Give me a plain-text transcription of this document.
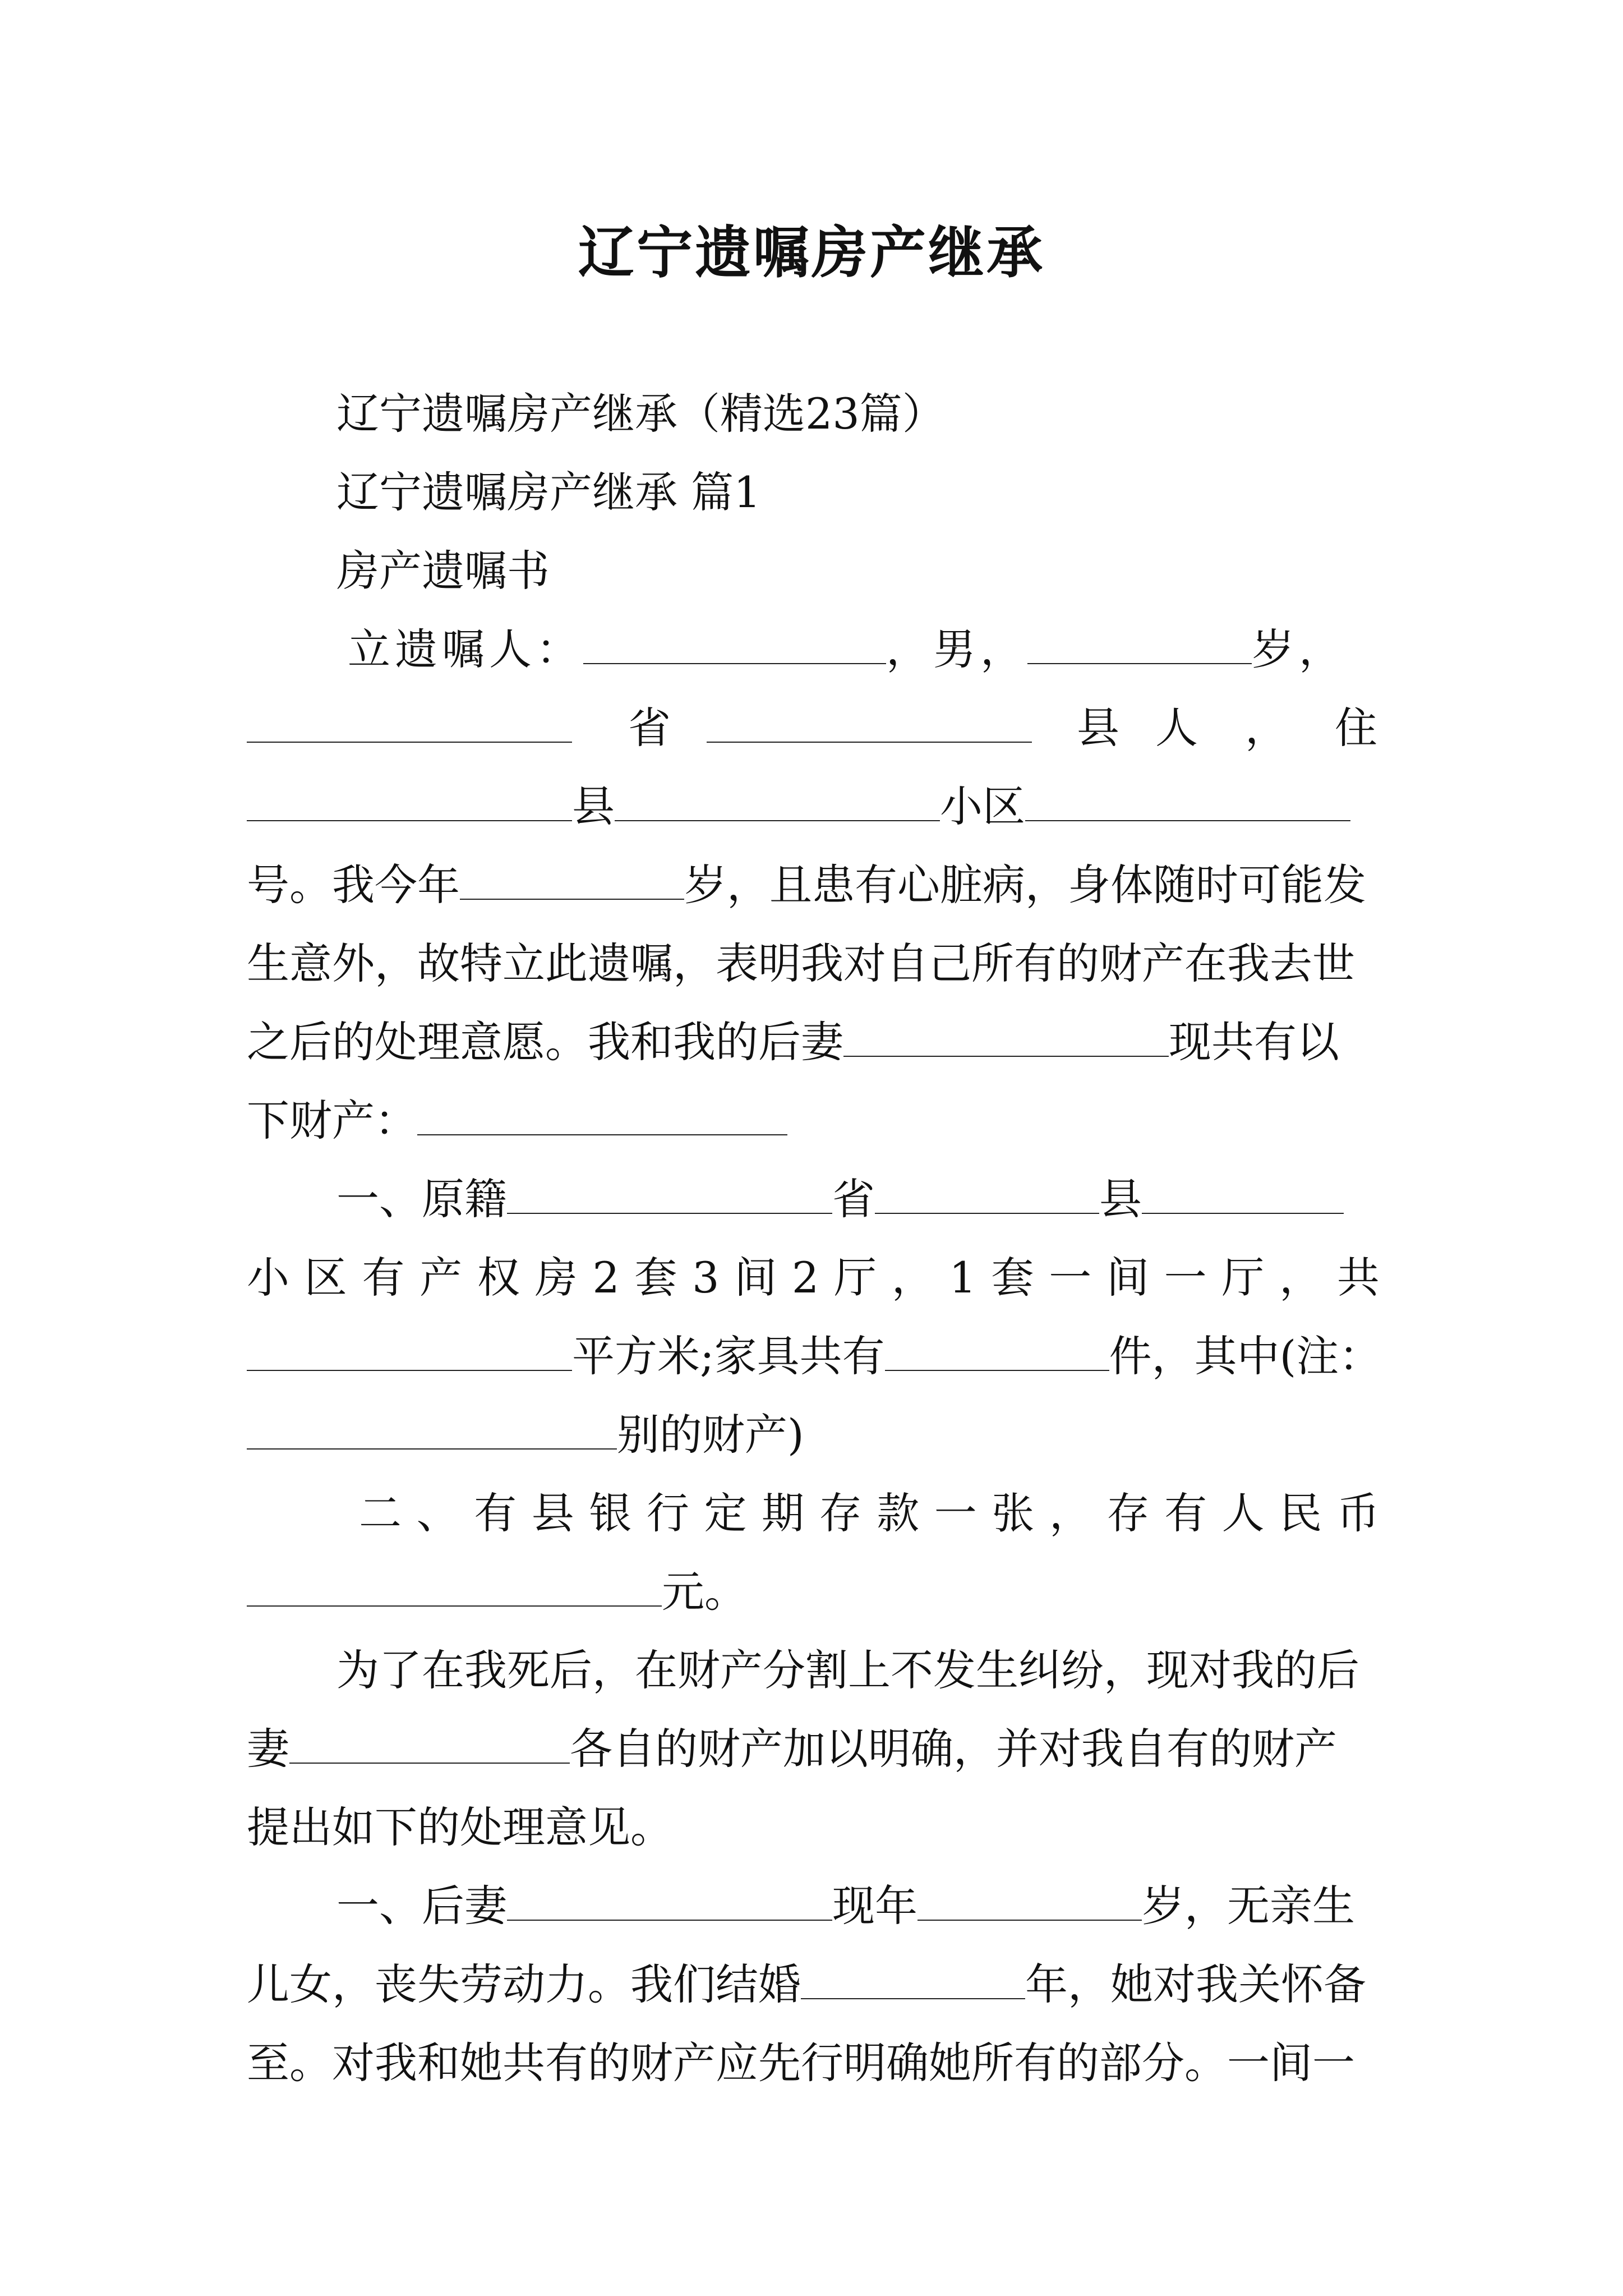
辽宁遗嘱房产继承
辽宁遗嘱房产继承（精选23篇）
辽宁遗嘱房产继承 篇1
房产遗嘱书
立遗嘱人：	，男，	岁，
省	县 人 ， 住
县	小区
号。我今年	岁，且患有心脏病，身体随时可能发
生意外，故特立此遗嘱，表明我对自己所有的财产在我去世
之后的处理意愿。我和我的后妻	现共有以
下财产：
一、原籍	省	县
小 区 有 产 权 房 2 套 3 间 2 厅 ， 1 套 一 间 一 厅 ， 共
平方米;家具共有	件，其中(注：
别的财产)
二 、 有 县 银 行 定 期 存 款 一 张 ， 存 有 人 民 币
元。
为了在我死后，在财产分割上不发生纠纷，现对我的后
妻	各自的财产加以明确，并对我自有的财产
提出如下的处理意见。
一、后妻	现年	岁，无亲生
儿女，丧失劳动力。我们结婚	年，她对我关怀备
至。对我和她共有的财产应先行明确她所有的部分。一间一
